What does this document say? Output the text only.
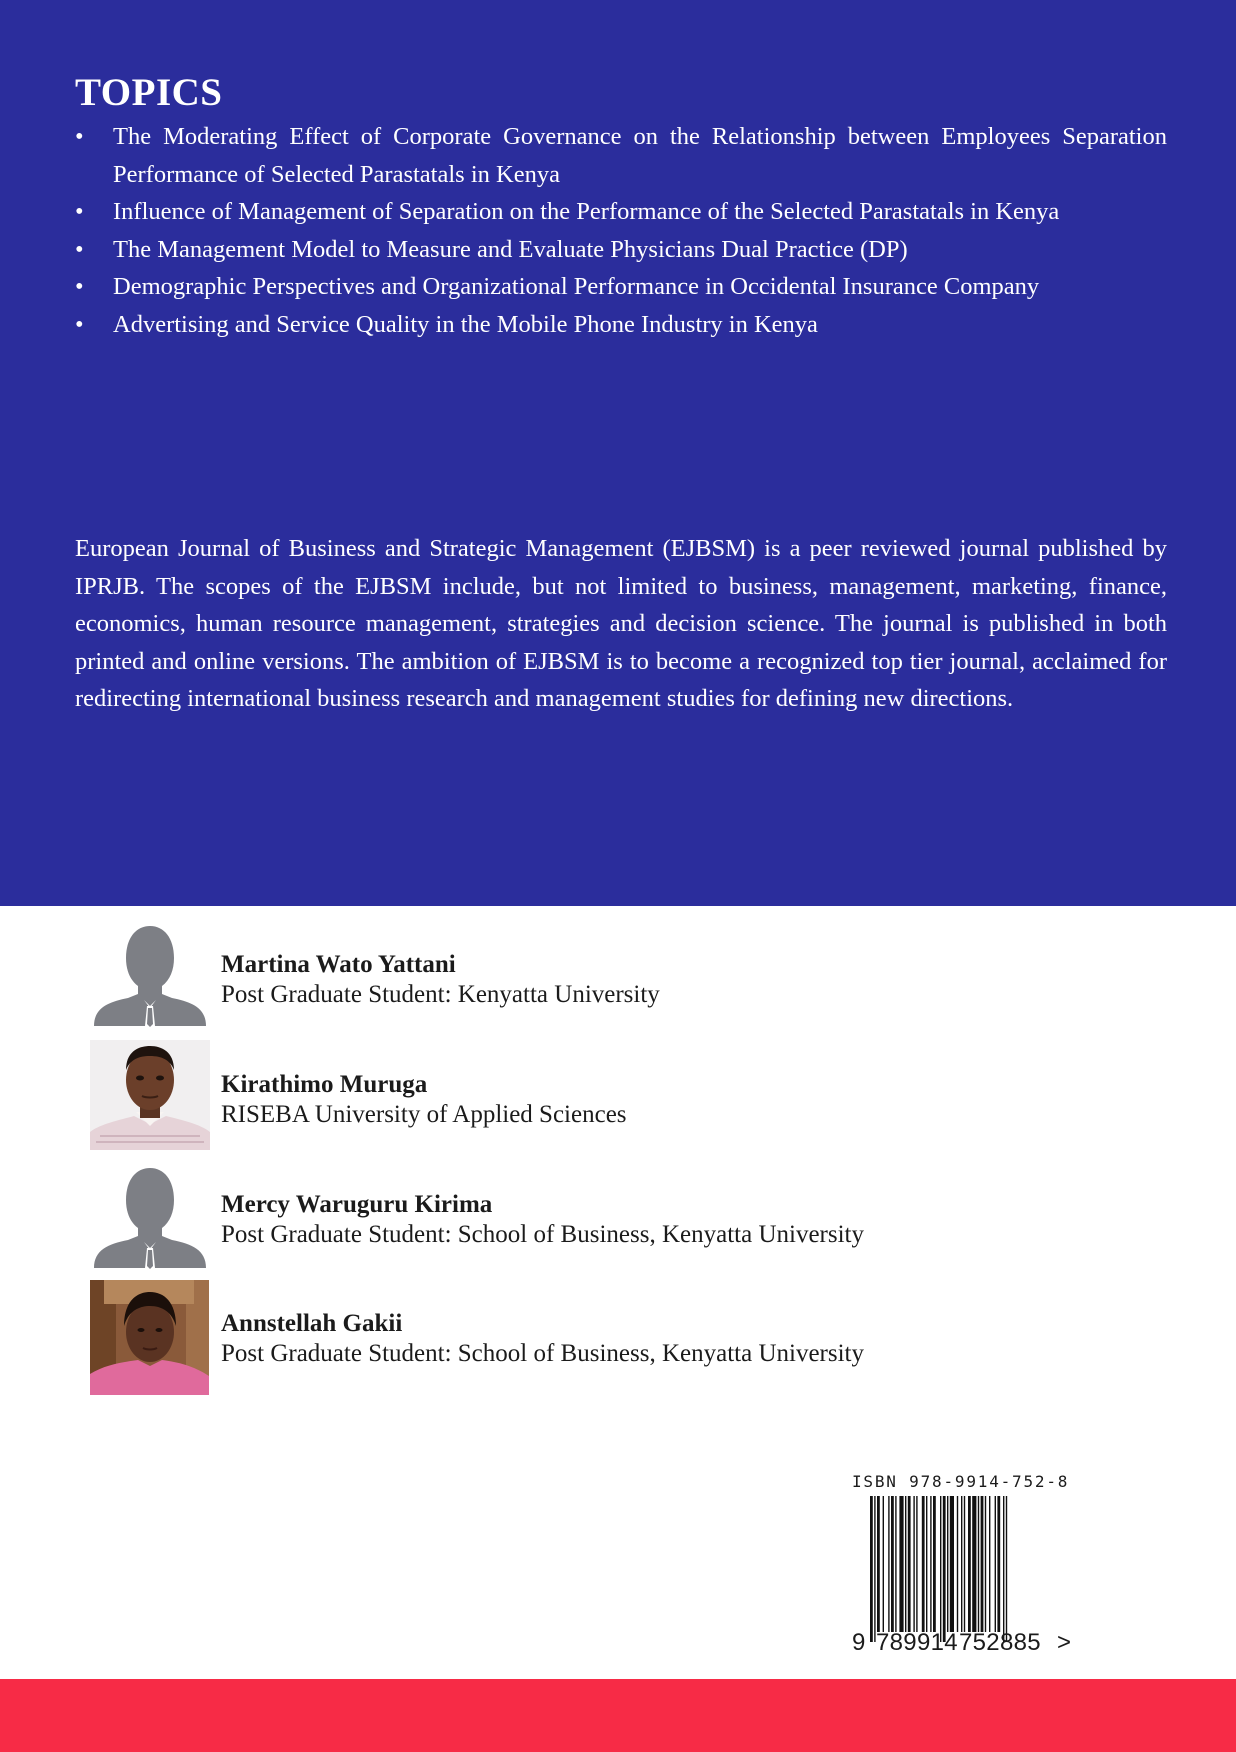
TOPICS
• The Moderating Effect of Corporate Governance on the Relationship between Employees Separation Performance of Selected Parastatals in Kenya
• Influence of Management of Separation on the Performance of the Selected Parastatals in Kenya
• The Management Model to Measure and Evaluate Physicians Dual Practice (DP)
• Demographic Perspectives and Organizational Performance in Occidental Insurance Company
• Advertising and Service Quality in the Mobile Phone Industry in Kenya

European Journal of Business and Strategic Management (EJBSM) is a peer reviewed journal published by IPRJB. The scopes of the EJBSM include, but not limited to business, management, marketing, finance, economics, human resource management, strategies and decision science. The journal is published in both printed and online versions. The ambition of EJBSM is to become a recognized top tier journal, acclaimed for redirecting international business research and management studies for defining new directions.

Martina Wato Yattani
Post Graduate Student: Kenyatta University
Kirathimo Muruga
RISEBA University of Applied Sciences
Mercy Waruguru Kirima
Post Graduate Student: School of Business, Kenyatta University
Annstellah Gakii
Post Graduate Student: School of Business, Kenyatta University
ISBN 978-9914-752-8
9 789914 752885 >
